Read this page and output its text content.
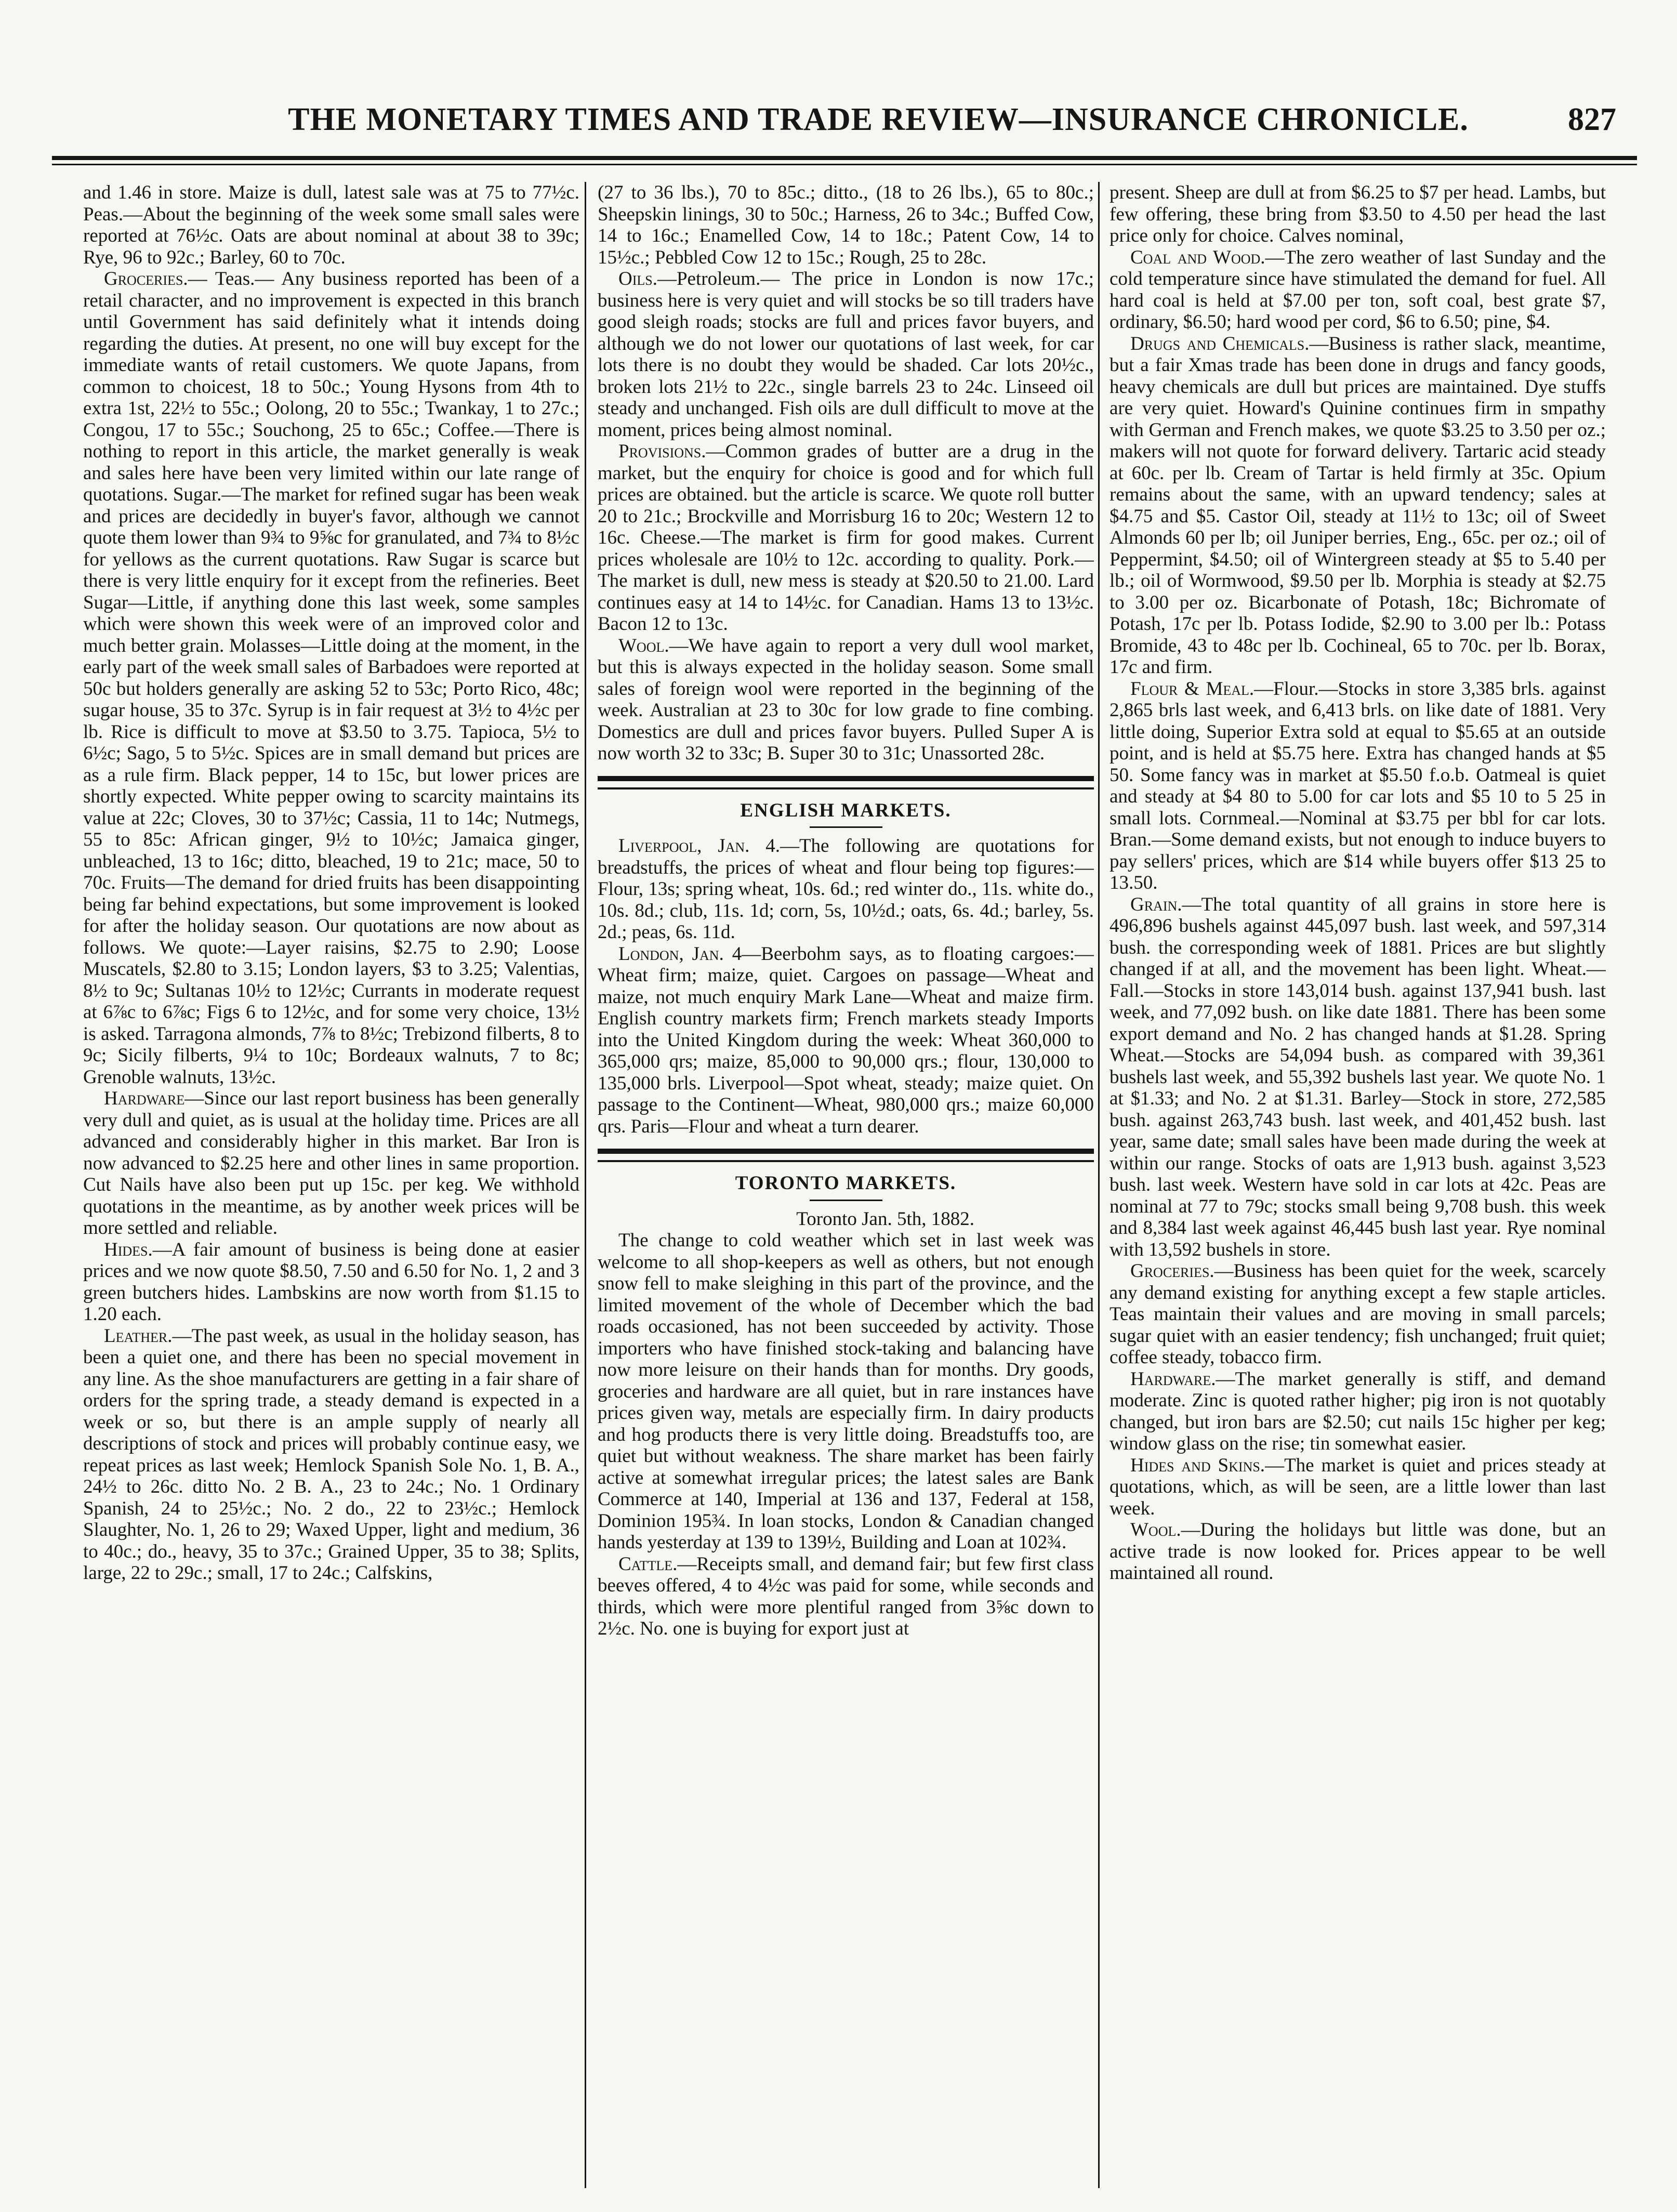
THE MONETARY TIMES AND TRADE REVIEW—INSURANCE CHRONICLE.	827

and 1.46 in store. Maize is dull, latest sale was at 75 to 77½c. Peas.—About the beginning of the week some small sales were reported at 76½c. Oats are about nominal at about 38 to 39c; Rye, 96 to 92c.; Barley, 60 to 70c.

Groceries.— Teas.— Any business reported has been of a retail character, and no improvement is expected in this branch until Government has said definitely what it intends doing regarding the duties. At present, no one will buy except for the immediate wants of retail customers. We quote Japans, from common to choicest, 18 to 50c.; Young Hysons from 4th to extra 1st, 22½ to 55c.; Oolong, 20 to 55c.; Twankay, 1 to 27c.; Congou, 17 to 55c.; Souchong, 25 to 65c.; Coffee.—There is nothing to report in this article, the market generally is weak and sales here have been very limited within our late range of quotations. Sugar.—The market for refined sugar has been weak and prices are decidedly in buyer's favor, although we cannot quote them lower than 9¾ to 9⅝c for granulated, and 7¾ to 8½c for yellows as the current quotations. Raw Sugar is scarce but there is very little enquiry for it except from the refineries. Beet Sugar—Little, if anything done this last week, some samples which were shown this week were of an improved color and much better grain. Molasses—Little doing at the moment, in the early part of the week small sales of Barbadoes were reported at 50c but holders generally are asking 52 to 53c; Porto Rico, 48c; sugar house, 35 to 37c. Syrup is in fair request at 3½ to 4½c per lb. Rice is difficult to move at $3.50 to 3.75. Tapioca, 5½ to 6½c; Sago, 5 to 5½c. Spices are in small demand but prices are as a rule firm. Black pepper, 14 to 15c, but lower prices are shortly expected. White pepper owing to scarcity maintains its value at 22c; Cloves, 30 to 37½c; Cassia, 11 to 14c; Nutmegs, 55 to 85c: African ginger, 9½ to 10½c; Jamaica ginger, unbleached, 13 to 16c; ditto, bleached, 19 to 21c; mace, 50 to 70c. Fruits—The demand for dried fruits has been disappointing being far behind expectations, but some improvement is looked for after the holiday season. Our quotations are now about as follows. We quote:—Layer raisins, $2.75 to 2.90; Loose Muscatels, $2.80 to 3.15; London layers, $3 to 3.25; Valentias, 8½ to 9c; Sultanas 10½ to 12½c; Currants in moderate request at 6⅞c to 6⅞c; Figs 6 to 12½c, and for some very choice, 13½ is asked. Tarragona almonds, 7⅞ to 8½c; Trebizond filberts, 8 to 9c; Sicily filberts, 9¼ to 10c; Bordeaux walnuts, 7 to 8c; Grenoble walnuts, 13½c.

Hardware—Since our last report business has been generally very dull and quiet, as is usual at the holiday time. Prices are all advanced and considerably higher in this market. Bar Iron is now advanced to $2.25 here and other lines in same proportion. Cut Nails have also been put up 15c. per keg. We withhold quotations in the meantime, as by another week prices will be more settled and reliable.

Hides.—A fair amount of business is being done at easier prices and we now quote $8.50, 7.50 and 6.50 for No. 1, 2 and 3 green butchers hides. Lambskins are now worth from $1.15 to 1.20 each.

Leather.—The past week, as usual in the holiday season, has been a quiet one, and there has been no special movement in any line. As the shoe manufacturers are getting in a fair share of orders for the spring trade, a steady demand is expected in a week or so, but there is an ample supply of nearly all descriptions of stock and prices will probably continue easy, we repeat prices as last week; Hemlock Spanish Sole No. 1, B. A., 24½ to 26c. ditto No. 2 B. A., 23 to 24c.; No. 1 Ordinary Spanish, 24 to 25½c.; No. 2 do., 22 to 23½c.; Hemlock Slaughter, No. 1, 26 to 29; Waxed Upper, light and medium, 36 to 40c.; do., heavy, 35 to 37c.; Grained Upper, 35 to 38; Splits, large, 22 to 29c.; small, 17 to 24c.; Calfskins,

(27 to 36 lbs.), 70 to 85c.; ditto., (18 to 26 lbs.), 65 to 80c.; Sheepskin linings, 30 to 50c.; Harness, 26 to 34c.; Buffed Cow, 14 to 16c.; Enamelled Cow, 14 to 18c.; Patent Cow, 14 to 15½c.; Pebbled Cow 12 to 15c.; Rough, 25 to 28c.

Oils.—Petroleum.— The price in London is now 17c.; business here is very quiet and will stocks be so till traders have good sleigh roads; stocks are full and prices favor buyers, and although we do not lower our quotations of last week, for car lots there is no doubt they would be shaded. Car lots 20½c., broken lots 21½ to 22c., single barrels 23 to 24c. Linseed oil steady and unchanged. Fish oils are dull difficult to move at the moment, prices being almost nominal.

Provisions.—Common grades of butter are a drug in the market, but the enquiry for choice is good and for which full prices are obtained. but the article is scarce. We quote roll butter 20 to 21c.; Brockville and Morrisburg 16 to 20c; Western 12 to 16c. Cheese.—The market is firm for good makes. Current prices wholesale are 10½ to 12c. according to quality. Pork.—The market is dull, new mess is steady at $20.50 to 21.00. Lard continues easy at 14 to 14½c. for Canadian. Hams 13 to 13½c. Bacon 12 to 13c.

Wool.—We have again to report a very dull wool market, but this is always expected in the holiday season. Some small sales of foreign wool were reported in the beginning of the week. Australian at 23 to 30c for low grade to fine combing. Domestics are dull and prices favor buyers. Pulled Super A is now worth 32 to 33c; B. Super 30 to 31c; Unassorted 28c.

ENGLISH MARKETS.

Liverpool, Jan. 4.—The following are quotations for breadstuffs, the prices of wheat and flour being top figures:—Flour, 13s; spring wheat, 10s. 6d.; red winter do., 11s. white do., 10s. 8d.; club, 11s. 1d; corn, 5s, 10½d.; oats, 6s. 4d.; barley, 5s. 2d.; peas, 6s. 11d.

London, Jan. 4—Beerbohm says, as to floating cargoes:—Wheat firm; maize, quiet. Cargoes on passage—Wheat and maize, not much enquiry Mark Lane—Wheat and maize firm. English country markets firm; French markets steady Imports into the United Kingdom during the week: Wheat 360,000 to 365,000 qrs; maize, 85,000 to 90,000 qrs.; flour, 130,000 to 135,000 brls. Liverpool—Spot wheat, steady; maize quiet. On passage to the Continent—Wheat, 980,000 qrs.; maize 60,000 qrs. Paris—Flour and wheat a turn dearer.

TORONTO MARKETS.

Toronto Jan. 5th, 1882.

The change to cold weather which set in last week was welcome to all shop-keepers as well as others, but not enough snow fell to make sleighing in this part of the province, and the limited movement of the whole of December which the bad roads occasioned, has not been succeeded by activity. Those importers who have finished stock-taking and balancing have now more leisure on their hands than for months. Dry goods, groceries and hardware are all quiet, but in rare instances have prices given way, metals are especially firm. In dairy products and hog products there is very little doing. Breadstuffs too, are quiet but without weakness. The share market has been fairly active at somewhat irregular prices; the latest sales are Bank Commerce at 140, Imperial at 136 and 137, Federal at 158, Dominion 195¾. In loan stocks, London & Canadian changed hands yesterday at 139 to 139½, Building and Loan at 102¾.

Cattle.—Receipts small, and demand fair; but few first class beeves offered, 4 to 4½c was paid for some, while seconds and thirds, which were more plentiful ranged from 3⅝c down to 2½c. No. one is buying for export just at

present. Sheep are dull at from $6.25 to $7 per head. Lambs, but few offering, these bring from $3.50 to 4.50 per head the last price only for choice. Calves nominal,

Coal and Wood.—The zero weather of last Sunday and the cold temperature since have stimulated the demand for fuel. All hard coal is held at $7.00 per ton, soft coal, best grate $7, ordinary, $6.50; hard wood per cord, $6 to 6.50; pine, $4.

Drugs and Chemicals.—Business is rather slack, meantime, but a fair Xmas trade has been done in drugs and fancy goods, heavy chemicals are dull but prices are maintained. Dye stuffs are very quiet. Howard's Quinine continues firm in smpathy with German and French makes, we quote $3.25 to 3.50 per oz.; makers will not quote for forward delivery. Tartaric acid steady at 60c. per lb. Cream of Tartar is held firmly at 35c. Opium remains about the same, with an upward tendency; sales at $4.75 and $5. Castor Oil, steady at 11½ to 13c; oil of Sweet Almonds 60 per lb; oil Juniper berries, Eng., 65c. per oz.; oil of Peppermint, $4.50; oil of Wintergreen steady at $5 to 5.40 per lb.; oil of Wormwood, $9.50 per lb. Morphia is steady at $2.75 to 3.00 per oz. Bicarbonate of Potash, 18c; Bichromate of Potash, 17c per lb. Potass Iodide, $2.90 to 3.00 per lb.: Potass Bromide, 43 to 48c per lb. Cochineal, 65 to 70c. per lb. Borax, 17c and firm.

Flour & Meal.—Flour.—Stocks in store 3,385 brls. against 2,865 brls last week, and 6,413 brls. on like date of 1881. Very little doing, Superior Extra sold at equal to $5.65 at an outside point, and is held at $5.75 here. Extra has changed hands at $5 50. Some fancy was in market at $5.50 f.o.b. Oatmeal is quiet and steady at $4 80 to 5.00 for car lots and $5 10 to 5 25 in small lots. Cornmeal.—Nominal at $3.75 per bbl for car lots. Bran.—Some demand exists, but not enough to induce buyers to pay sellers' prices, which are $14 while buyers offer $13 25 to 13.50.

Grain.—The total quantity of all grains in store here is 496,896 bushels against 445,097 bush. last week, and 597,314 bush. the corresponding week of 1881. Prices are but slightly changed if at all, and the movement has been light. Wheat.—Fall.—Stocks in store 143,014 bush. against 137,941 bush. last week, and 77,092 bush. on like date 1881. There has been some export demand and No. 2 has changed hands at $1.28. Spring Wheat.—Stocks are 54,094 bush. as compared with 39,361 bushels last week, and 55,392 bushels last year. We quote No. 1 at $1.33; and No. 2 at $1.31. Barley—Stock in store, 272,585 bush. against 263,743 bush. last week, and 401,452 bush. last year, same date; small sales have been made during the week at within our range. Stocks of oats are 1,913 bush. against 3,523 bush. last week. Western have sold in car lots at 42c. Peas are nominal at 77 to 79c; stocks small being 9,708 bush. this week and 8,384 last week against 46,445 bush last year. Rye nominal with 13,592 bushels in store.

Groceries.—Business has been quiet for the week, scarcely any demand existing for anything except a few staple articles. Teas maintain their values and are moving in small parcels; sugar quiet with an easier tendency; fish unchanged; fruit quiet; coffee steady, tobacco firm.

Hardware.—The market generally is stiff, and demand moderate. Zinc is quoted rather higher; pig iron is not quotably changed, but iron bars are $2.50; cut nails 15c higher per keg; window glass on the rise; tin somewhat easier.

Hides and Skins.—The market is quiet and prices steady at quotations, which, as will be seen, are a little lower than last week.

Wool.—During the holidays but little was done, but an active trade is now looked for. Prices appear to be well maintained all round.
